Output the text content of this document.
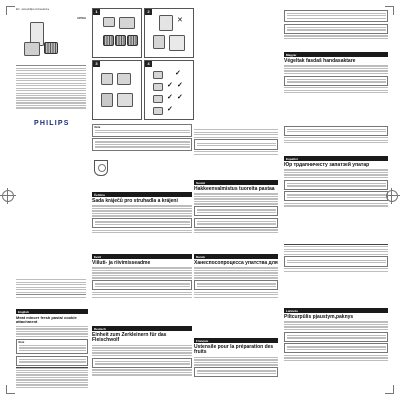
EN · www.philips.com/welcome
HR7991
PHILIPS
English
Meat mincer fresh pasta/ cookie attachment
Note
1	2
✕
3	4
✓
✓ ✓
✓ ✓
✓
Note
Čeština
Sada kráječů pro struhadla a krájení
Eesti
Viiluti- ja riivimisseadme
Deutsch
Einheit zum Zerkleinern für das Fleischwolf
Suomi
Hakkeenvalmistus tuoreita pastaa
Dansk
Ханеспосопроцесса упатства для
Français
Ustensile pour la préparation des fruits
Magyar
Végeltak fasdaš handasaktare
Español
Юр трдапничесту запатзей упатар
Latviešu
Piltcurpūlis pjaustym,paknys
